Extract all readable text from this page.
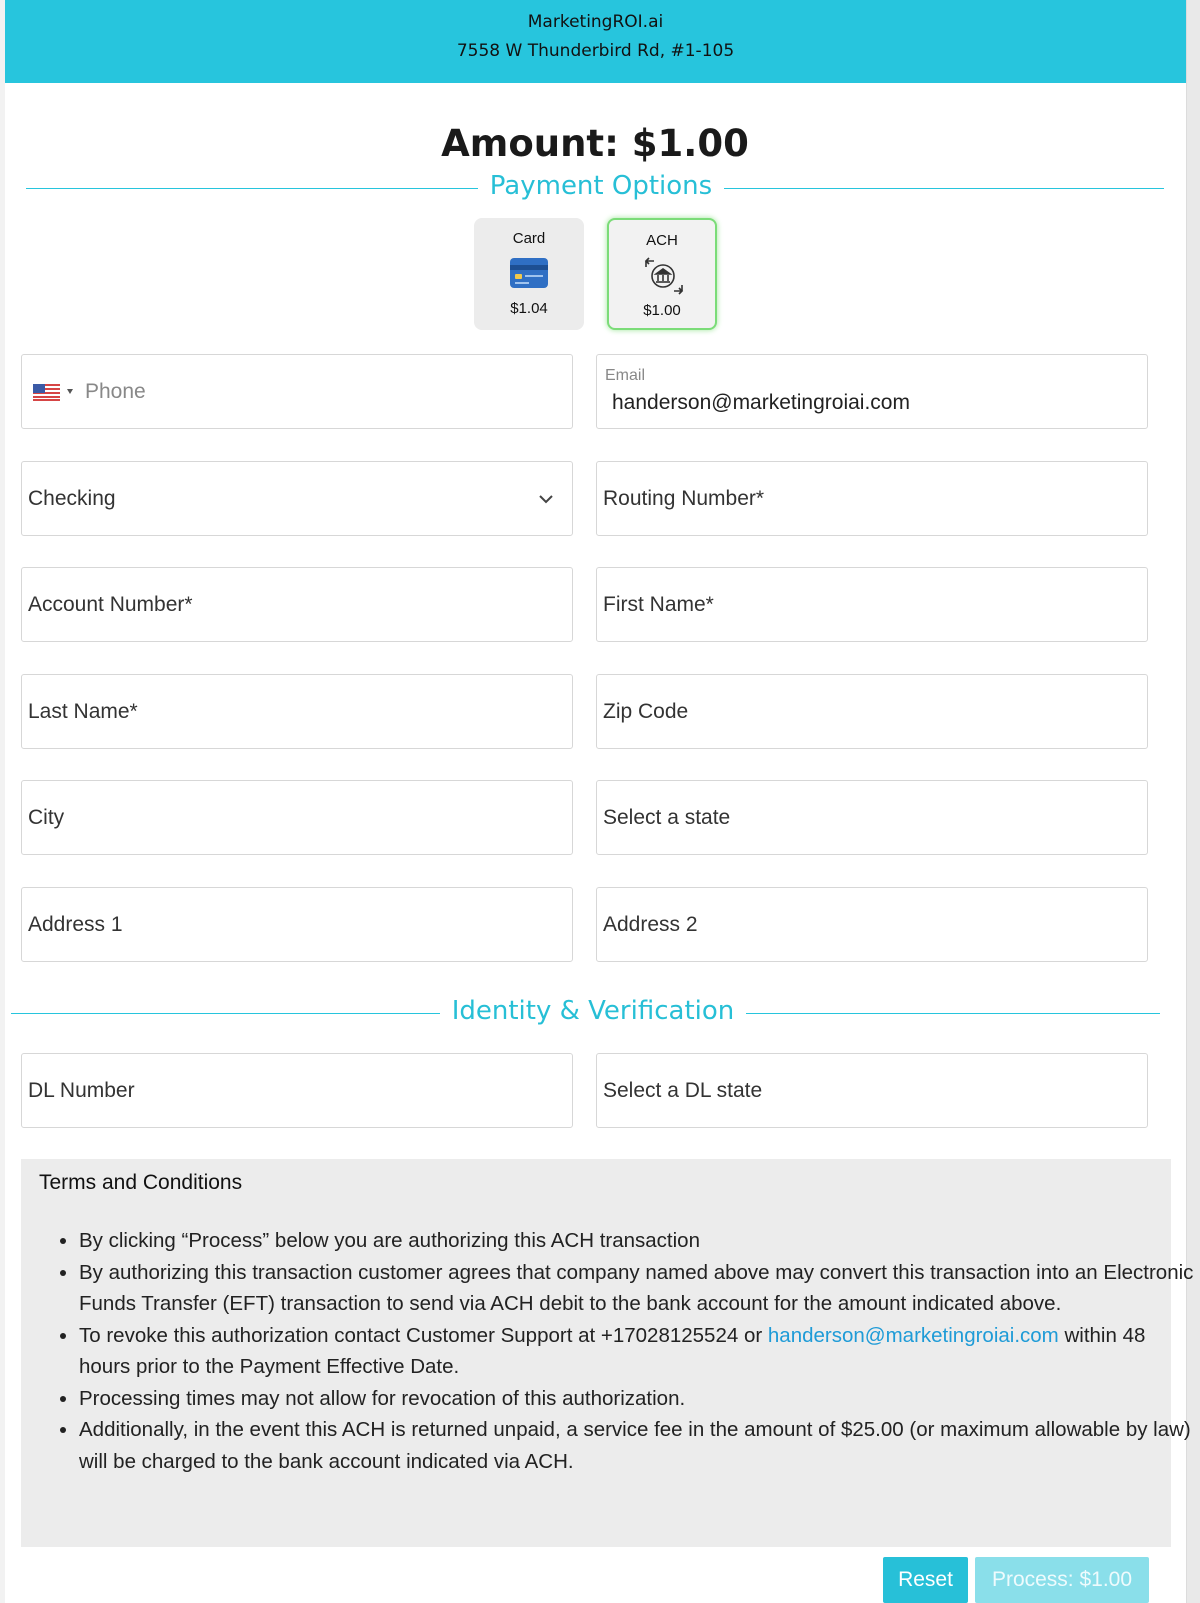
MarketingROI.ai
7558 W Thunderbird Rd, #1-105
Amount: $1.00
Payment Options
Card
$1.04
ACH
$1.00
Phone
Email
handerson@marketingroiai.com
Checking	Routing Number*
Account Number*	First Name*
Last Name*	Zip Code
City	Select a state
Address 1	Address 2
Identity & Verification
DL Number	Select a DL state
Terms and Conditions
• By clicking “Process” below you are authorizing this ACH transaction
• By authorizing this transaction customer agrees that company named above may convert this transaction into an Electronic Funds Transfer (EFT) transaction to send via ACH debit to the bank account for the amount indicated above.
• To revoke this authorization contact Customer Support at +17028125524 or handerson@marketingroiai.com within 48 hours prior to the Payment Effective Date.
• Processing times may not allow for revocation of this authorization.
• Additionally, in the event this ACH is returned unpaid, a service fee in the amount of $25.00 (or maximum allowable by law) will be charged to the bank account indicated via ACH.
Reset	Process: $1.00
